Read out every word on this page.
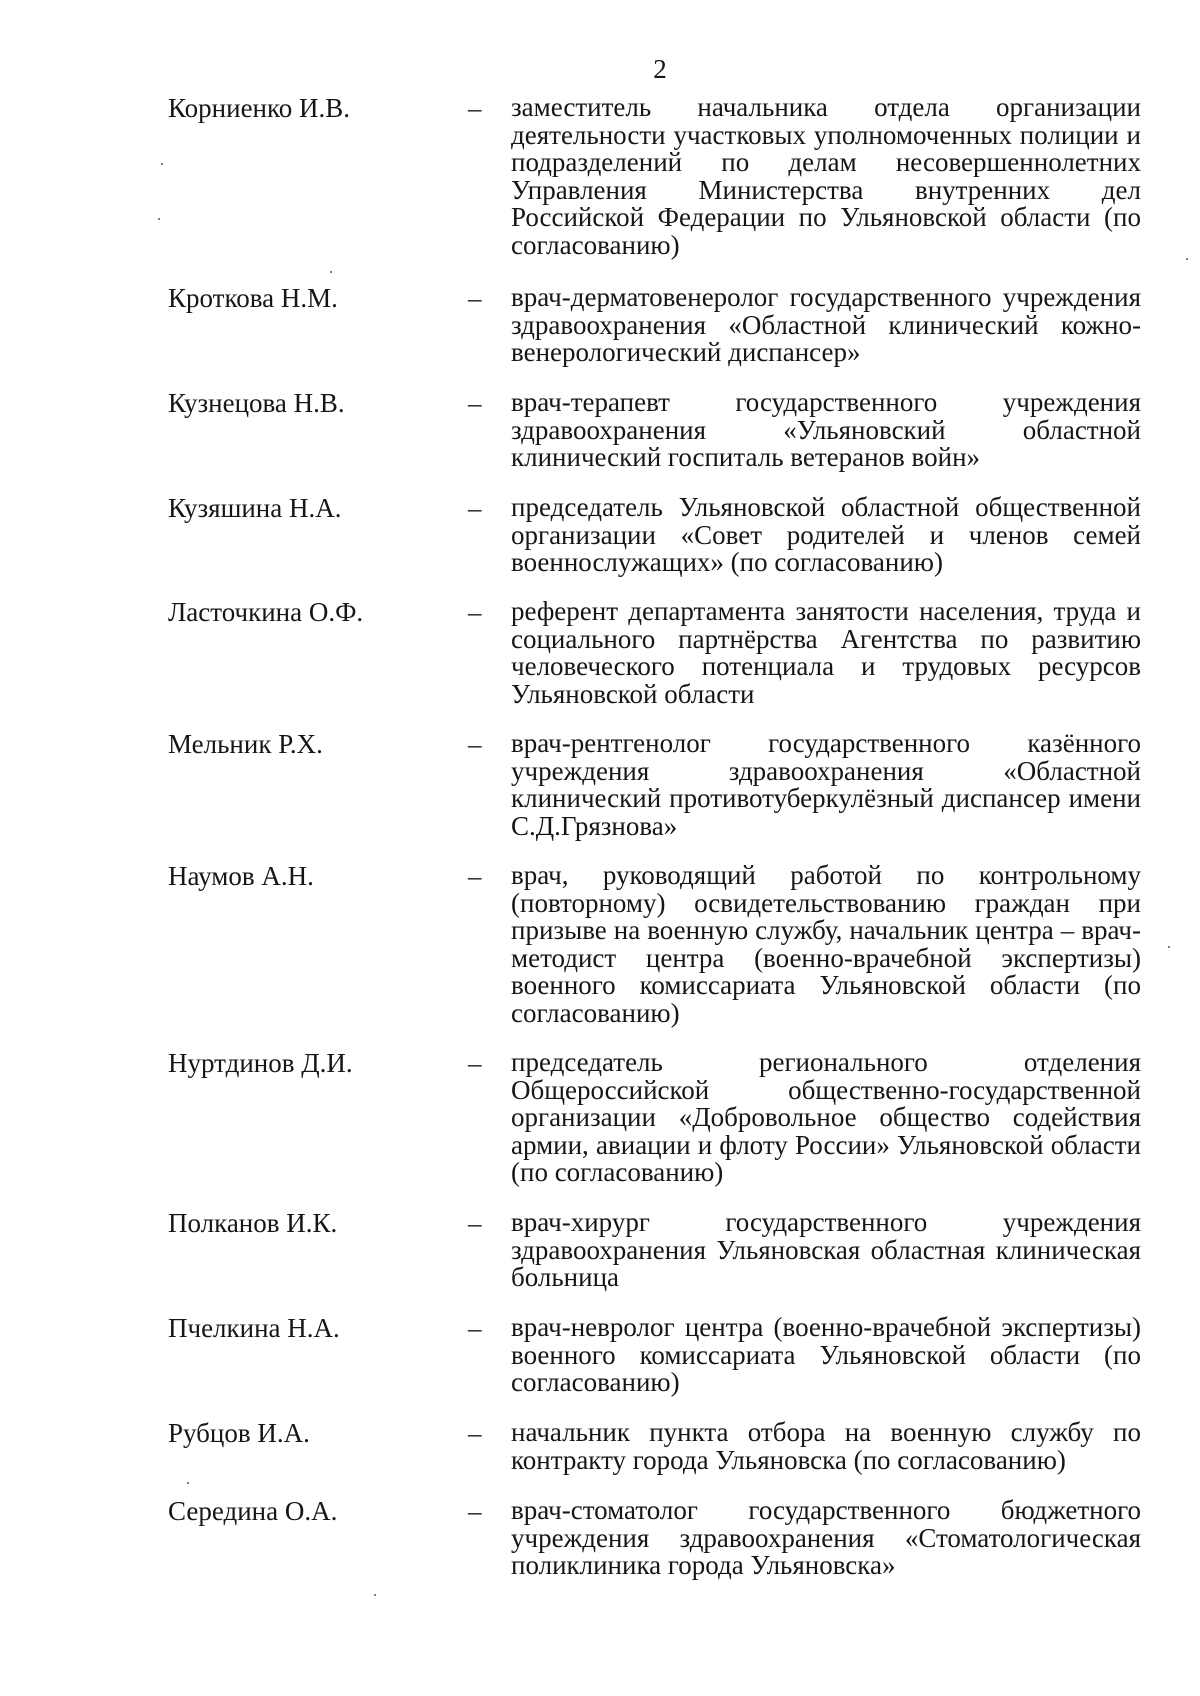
2
Корниенко И.В.	– заместитель начальника отдела организации деятельности участковых уполномоченных полиции и подразделений по делам несовершеннолетних Управления Министерства внутренних дел Российской Федерации по Ульяновской области (по согласованию)
Кроткова Н.М.	– врач-дерматовенеролог государственного учреждения здравоохранения «Областной клинический кожно-венерологический диспансер»
Кузнецова Н.В.	– врач-терапевт государственного учреждения здравоохранения «Ульяновский областной клинический госпиталь ветеранов войн»
Кузяшина Н.А.	– председатель Ульяновской областной общественной организации «Совет родителей и членов семей военнослужащих» (по согласованию)
Ласточкина О.Ф.	– референт департамента занятости населения, труда и социального партнёрства Агентства по развитию человеческого потенциала и трудовых ресурсов Ульяновской области
Мельник Р.Х.	– врач-рентгенолог государственного казённого учреждения здравоохранения «Областной клинический противотуберкулёзный диспансер имени С.Д.Грязнова»
Наумов А.Н.	– врач, руководящий работой по контрольному (повторному) освидетельствованию граждан при призыве на военную службу, начальник центра – врач-методист центра (военно-врачебной экспертизы) военного комиссариата Ульяновской области (по согласованию)
Нуртдинов Д.И.	– председатель регионального отделения Общероссийской общественно-государственной организации «Добровольное общество содействия армии, авиации и флоту России» Ульяновской области (по согласованию)
Полканов И.К.	– врач-хирург государственного учреждения здравоохранения Ульяновская областная клиническая больница
Пчелкина Н.А.	– врач-невролог центра (военно-врачебной экспертизы) военного комиссариата Ульяновской области (по согласованию)
Рубцов И.А.	– начальник пункта отбора на военную службу по контракту города Ульяновска (по согласованию)
Середина О.А.	– врач-стоматолог государственного бюджетного учреждения здравоохранения «Стоматологическая поликлиника города Ульяновска»
